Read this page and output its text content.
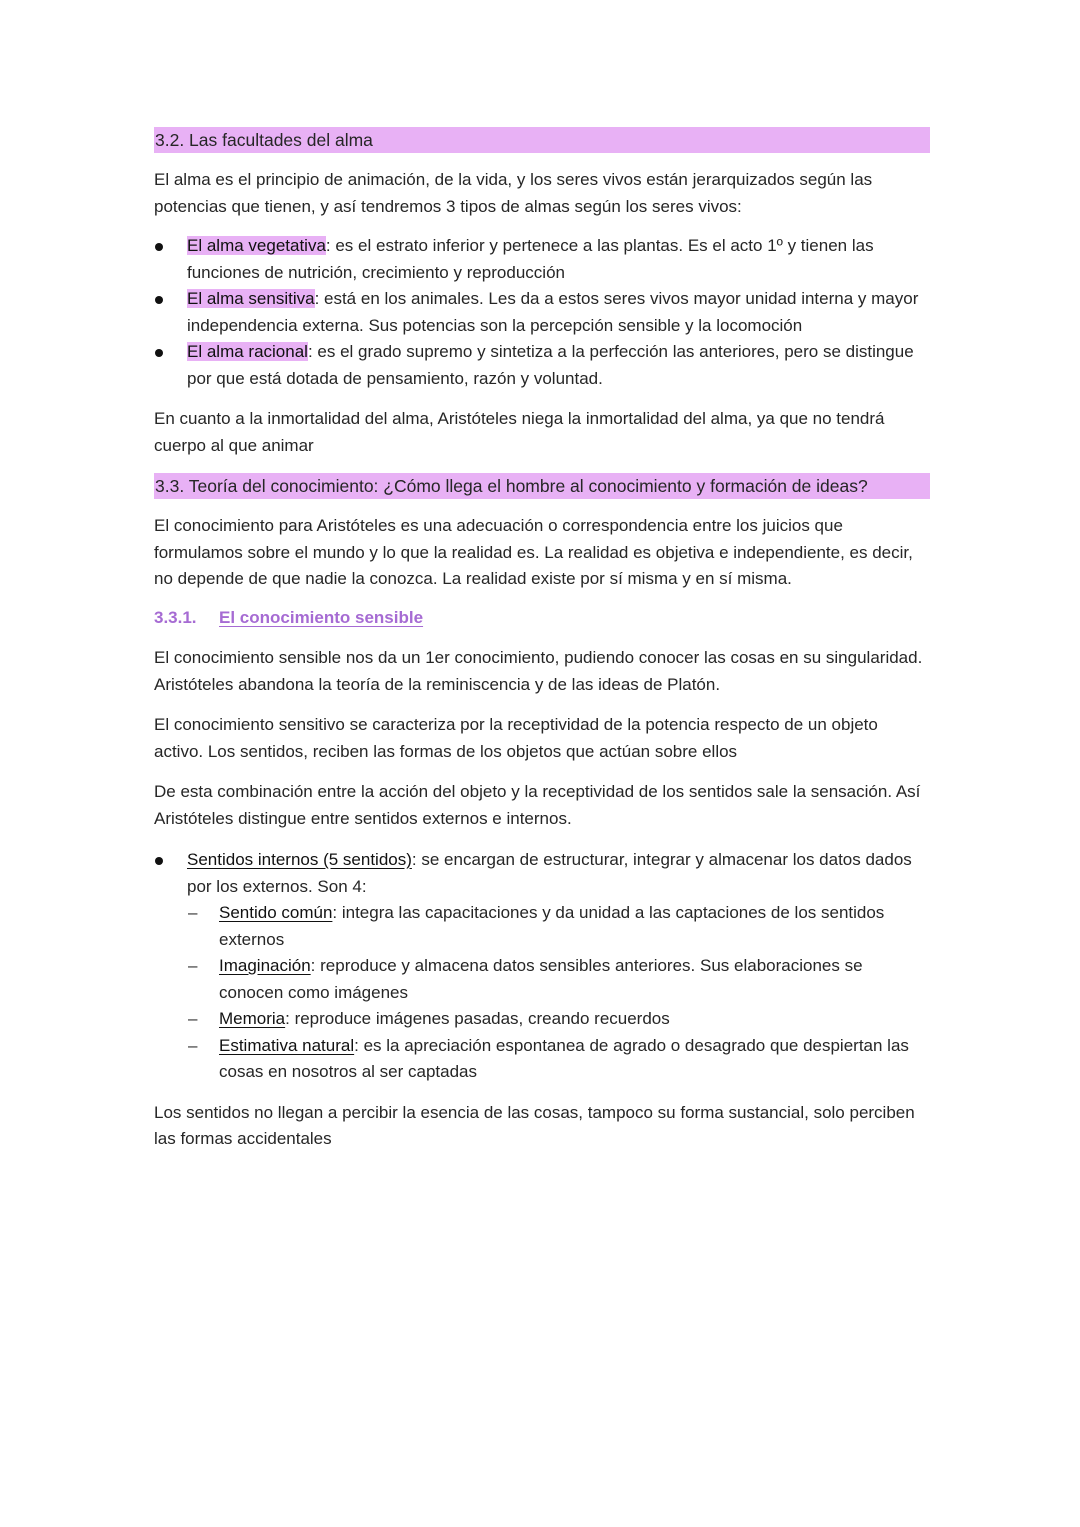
3.2. Las facultades del alma

El alma es el principio de animación, de la vida, y los seres vivos están jerarquizados según las potencias que tienen, y así tendremos 3 tipos de almas según los seres vivos:

El alma vegetativa: es el estrato inferior y pertenece a las plantas. Es el acto 1º y tienen las funciones de nutrición, crecimiento y reproducción
El alma sensitiva: está en los animales. Les da a estos seres vivos mayor unidad interna y mayor independencia externa. Sus potencias son la percepción sensible y la locomoción
El alma racional: es el grado supremo y sintetiza a la perfección las anteriores, pero se distingue por que está dotada de pensamiento, razón y voluntad.

En cuanto a la inmortalidad del alma, Aristóteles niega la inmortalidad del alma, ya que no tendrá cuerpo al que animar

3.3. Teoría del conocimiento: ¿Cómo llega el hombre al conocimiento y formación de ideas?

El conocimiento para Aristóteles es una adecuación o correspondencia entre los juicios que formulamos sobre el mundo y lo que la realidad es. La realidad es objetiva e independiente, es decir, no depende de que nadie la conozca. La realidad existe por sí misma y en sí misma.

3.3.1. El conocimiento sensible

El conocimiento sensible nos da un 1er conocimiento, pudiendo conocer las cosas en su singularidad. Aristóteles abandona la teoría de la reminiscencia y de las ideas de Platón.

El conocimiento sensitivo se caracteriza por la receptividad de la potencia respecto de un objeto activo. Los sentidos, reciben las formas de los objetos que actúan sobre ellos

De esta combinación entre la acción del objeto y la receptividad de los sentidos sale la sensación. Así Aristóteles distingue entre sentidos externos e internos.

Sentidos internos (5 sentidos): se encargan de estructurar, integrar y almacenar los datos dados por los externos. Son 4:
– Sentido común: integra las capacitaciones y da unidad a las captaciones de los sentidos externos
– Imaginación: reproduce y almacena datos sensibles anteriores. Sus elaboraciones se conocen como imágenes
– Memoria: reproduce imágenes pasadas, creando recuerdos
– Estimativa natural: es la apreciación espontanea de agrado o desagrado que despiertan las cosas en nosotros al ser captadas

Los sentidos no llegan a percibir la esencia de las cosas, tampoco su forma sustancial, solo perciben las formas accidentales
